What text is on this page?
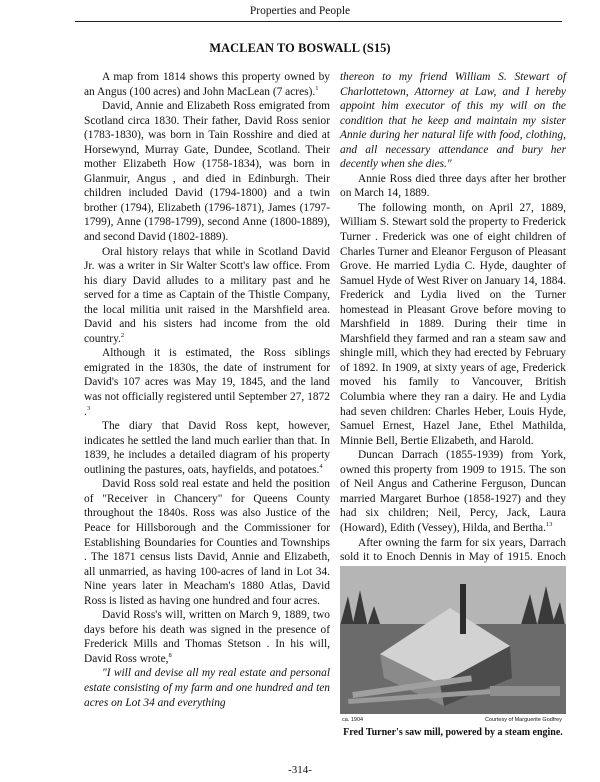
Properties and People
MACLEAN TO BOSWALL (S15)

A map from 1814 shows this property owned by an Angus (100 acres) and John MacLean (7 acres).$^1$

David, Annie and Elizabeth Ross emigrated from Scotland circa 1830. Their father, David Ross senior (1783-1830), was born in Tain Rosshire and died at Horsewynd, Murray Gate, Dundee, Scotland. Their mother Elizabeth How (1758-1834), was born in Glanmuir, Angus , and died in Edinburgh. Their children included David (1794-1800) and a twin brother (1794), Elizabeth (1796-1871), James (1797-1799), Anne (1798-1799), second Anne (1800-1889), and second David (1802-1889).

Oral history relays that while in Scotland David Jr. was a writer in Sir Walter Scott's law office. From his diary David alludes to a military past and he served for a time as Captain of the Thistle Company, the local militia unit raised in the Marshfield area. David and his sisters had income from the old country.$^2$

Although it is estimated, the Ross siblings emigrated in the 1830s, the date of instrument for David's 107 acres was May 19, 1845, and the land was not officially registered until September 27, 1872 .$^3$

The diary that David Ross kept, however, indicates he settled the land much earlier than that. In 1839, he includes a detailed diagram of his property outlining the pastures, oats, hayfields, and potatoes.$^4$

David Ross sold real estate and held the position of "Receiver in Chancery" for Queens County throughout the 1840s. Ross was also Justice of the Peace for Hillsborough and the Commissioner for Establishing Boundaries for Counties and Townships . The 1871 census lists David, Annie and Elizabeth, all unmarried, as having 100-acres of land in Lot 34. Nine years later in Meacham's 1880 Atlas, David Ross is listed as having one hundred and four acres.

David Ross's will, written on March 9, 1889, two days before his death was signed in the presence of Frederick Mills and Thomas Stetson . In his will, David Ross wrote,$^8$

"I will and devise all my real estate and personal estate consisting of my farm and one hundred and ten acres on Lot 34 and everything

thereon to my friend William S. Stewart of Charlottetown, Attorney at Law, and I hereby appoint him executor of this my will on the condition that he keep and maintain my sister Annie during her natural life with food, clothing, and all necessary attendance and bury her decently when she dies."

Annie Ross died three days after her brother on March 14, 1889.

The following month, on April 27, 1889, William S. Stewart sold the property to Frederick Turner . Frederick was one of eight children of Charles Turner and Eleanor Ferguson of Pleasant Grove. He married Lydia C. Hyde, daughter of Samuel Hyde of West River on January 14, 1884. Frederick and Lydia lived on the Turner homestead in Pleasant Grove before moving to Marshfield in 1889. During their time in Marshfield they farmed and ran a steam saw and shingle mill, which they had erected by February of 1892. In 1909, at sixty years of age, Frederick moved his family to Vancouver, British Columbia where they ran a dairy. He and Lydia had seven children: Charles Heber, Louis Hyde, Samuel Ernest, Hazel Jane, Ethel Mathilda, Minnie Bell, Bertie Elizabeth, and Harold.

Duncan Darrach (1855-1939) from York, owned this property from 1909 to 1915. The son of Neil Angus and Catherine Ferguson, Duncan married Margaret Burhoe (1858-1927) and they had six children; Neil, Percy, Jack, Laura (Howard), Edith (Vessey), Hilda, and Bertha.$^{13}$

After owning the farm for six years, Darrach sold it to Enoch Dennis in May of 1915. Enoch

ca. 1904	Courtesy of Marguerite Godfrey
Fred Turner's saw mill, powered by a steam engine.
-314-
